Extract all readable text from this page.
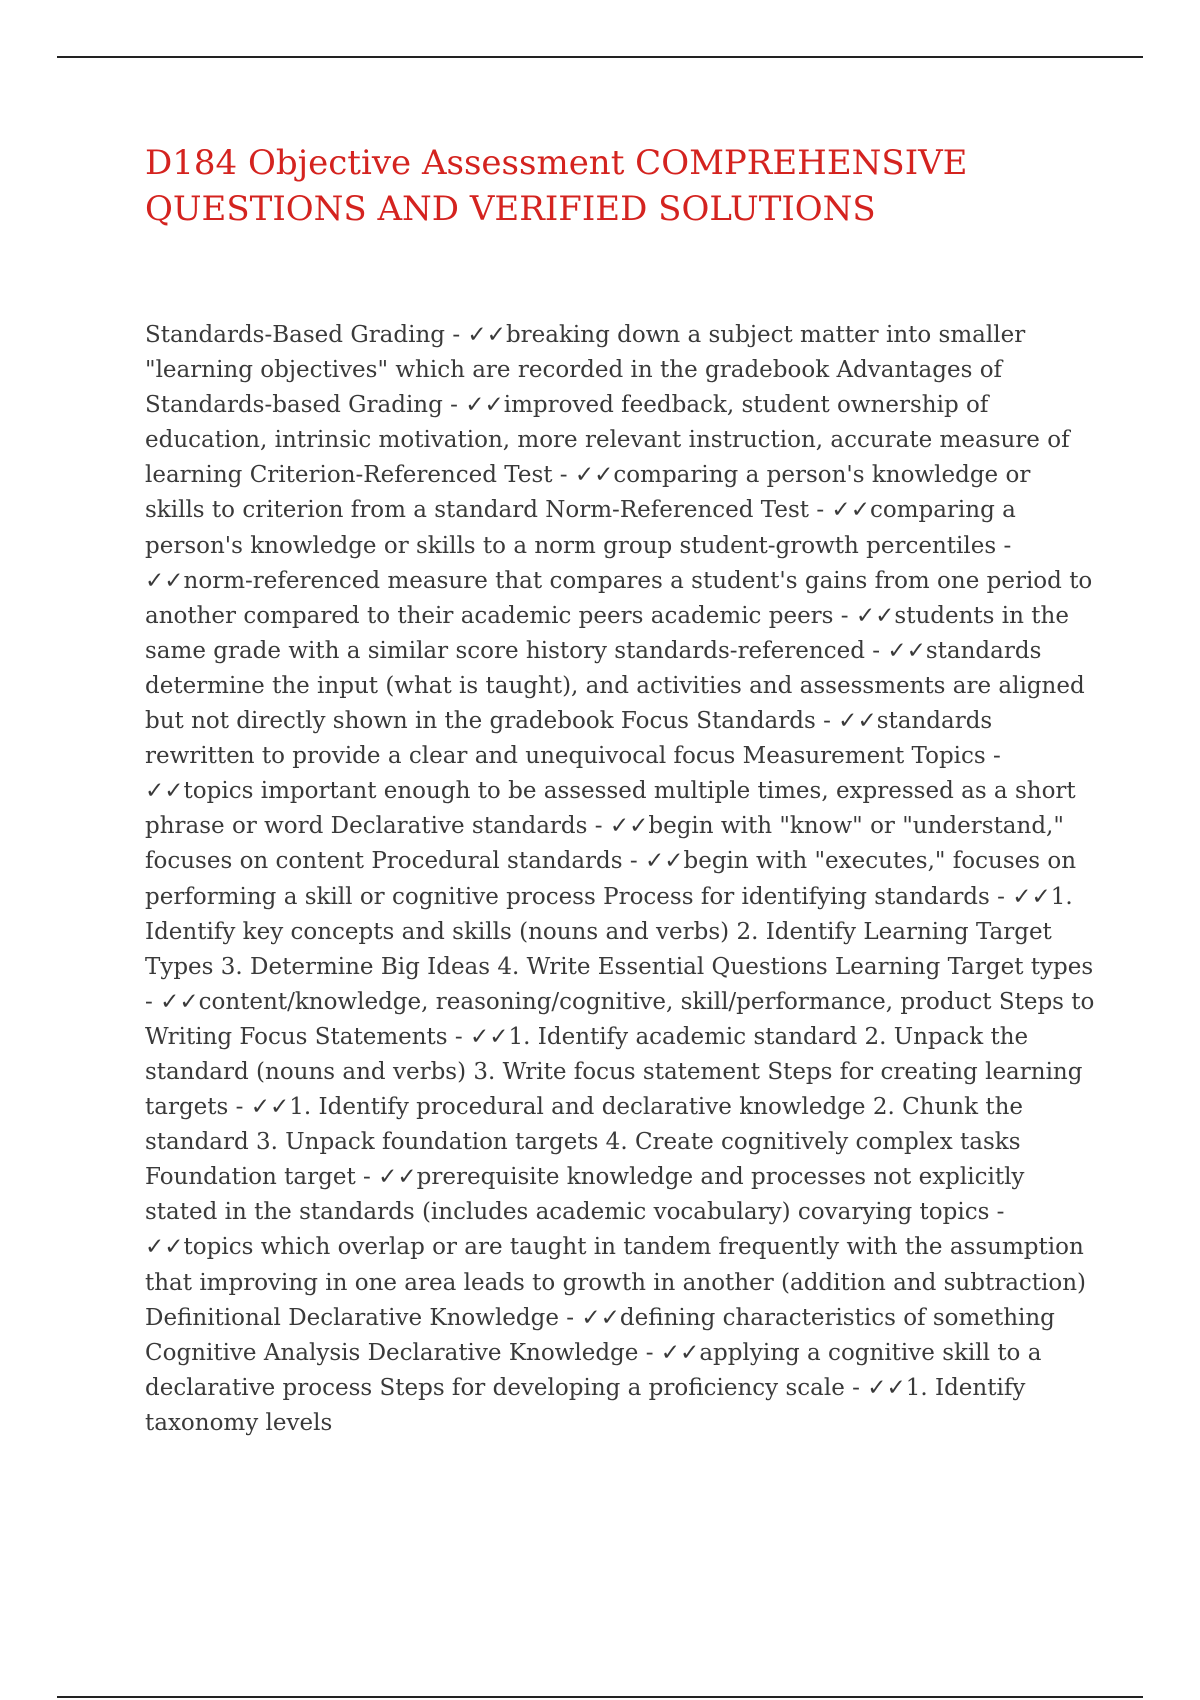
D184 Objective Assessment COMPREHENSIVE QUESTIONS AND VERIFIED SOLUTIONS

Standards-Based Grading - ✓✓breaking down a subject matter into smaller "learning objectives" which are recorded in the gradebook Advantages of Standards-based Grading - ✓✓improved feedback, student ownership of education, intrinsic motivation, more relevant instruction, accurate measure of learning Criterion-Referenced Test - ✓✓comparing a person's knowledge or skills to criterion from a standard Norm-Referenced Test - ✓✓comparing a person's knowledge or skills to a norm group student-growth percentiles - ✓✓norm-referenced measure that compares a student's gains from one period to another compared to their academic peers academic peers - ✓✓students in the same grade with a similar score history standards-referenced - ✓✓standards determine the input (what is taught), and activities and assessments are aligned but not directly shown in the gradebook Focus Standards - ✓✓standards rewritten to provide a clear and unequivocal focus Measurement Topics - ✓✓topics important enough to be assessed multiple times, expressed as a short phrase or word Declarative standards - ✓✓begin with "know" or "understand," focuses on content Procedural standards - ✓✓begin with "executes," focuses on performing a skill or cognitive process Process for identifying standards - ✓✓1. Identify key concepts and skills (nouns and verbs) 2. Identify Learning Target Types 3. Determine Big Ideas 4. Write Essential Questions Learning Target types - ✓✓content/knowledge, reasoning/cognitive, skill/performance, product Steps to Writing Focus Statements - ✓✓1. Identify academic standard 2. Unpack the standard (nouns and verbs) 3. Write focus statement Steps for creating learning targets - ✓✓1. Identify procedural and declarative knowledge 2. Chunk the standard 3. Unpack foundation targets 4. Create cognitively complex tasks Foundation target - ✓✓prerequisite knowledge and processes not explicitly stated in the standards (includes academic vocabulary) covarying topics - ✓✓topics which overlap or are taught in tandem frequently with the assumption that improving in one area leads to growth in another (addition and subtraction) Definitional Declarative Knowledge - ✓✓defining characteristics of something Cognitive Analysis Declarative Knowledge - ✓✓applying a cognitive skill to a declarative process Steps for developing a proficiency scale - ✓✓1. Identify taxonomy levels
